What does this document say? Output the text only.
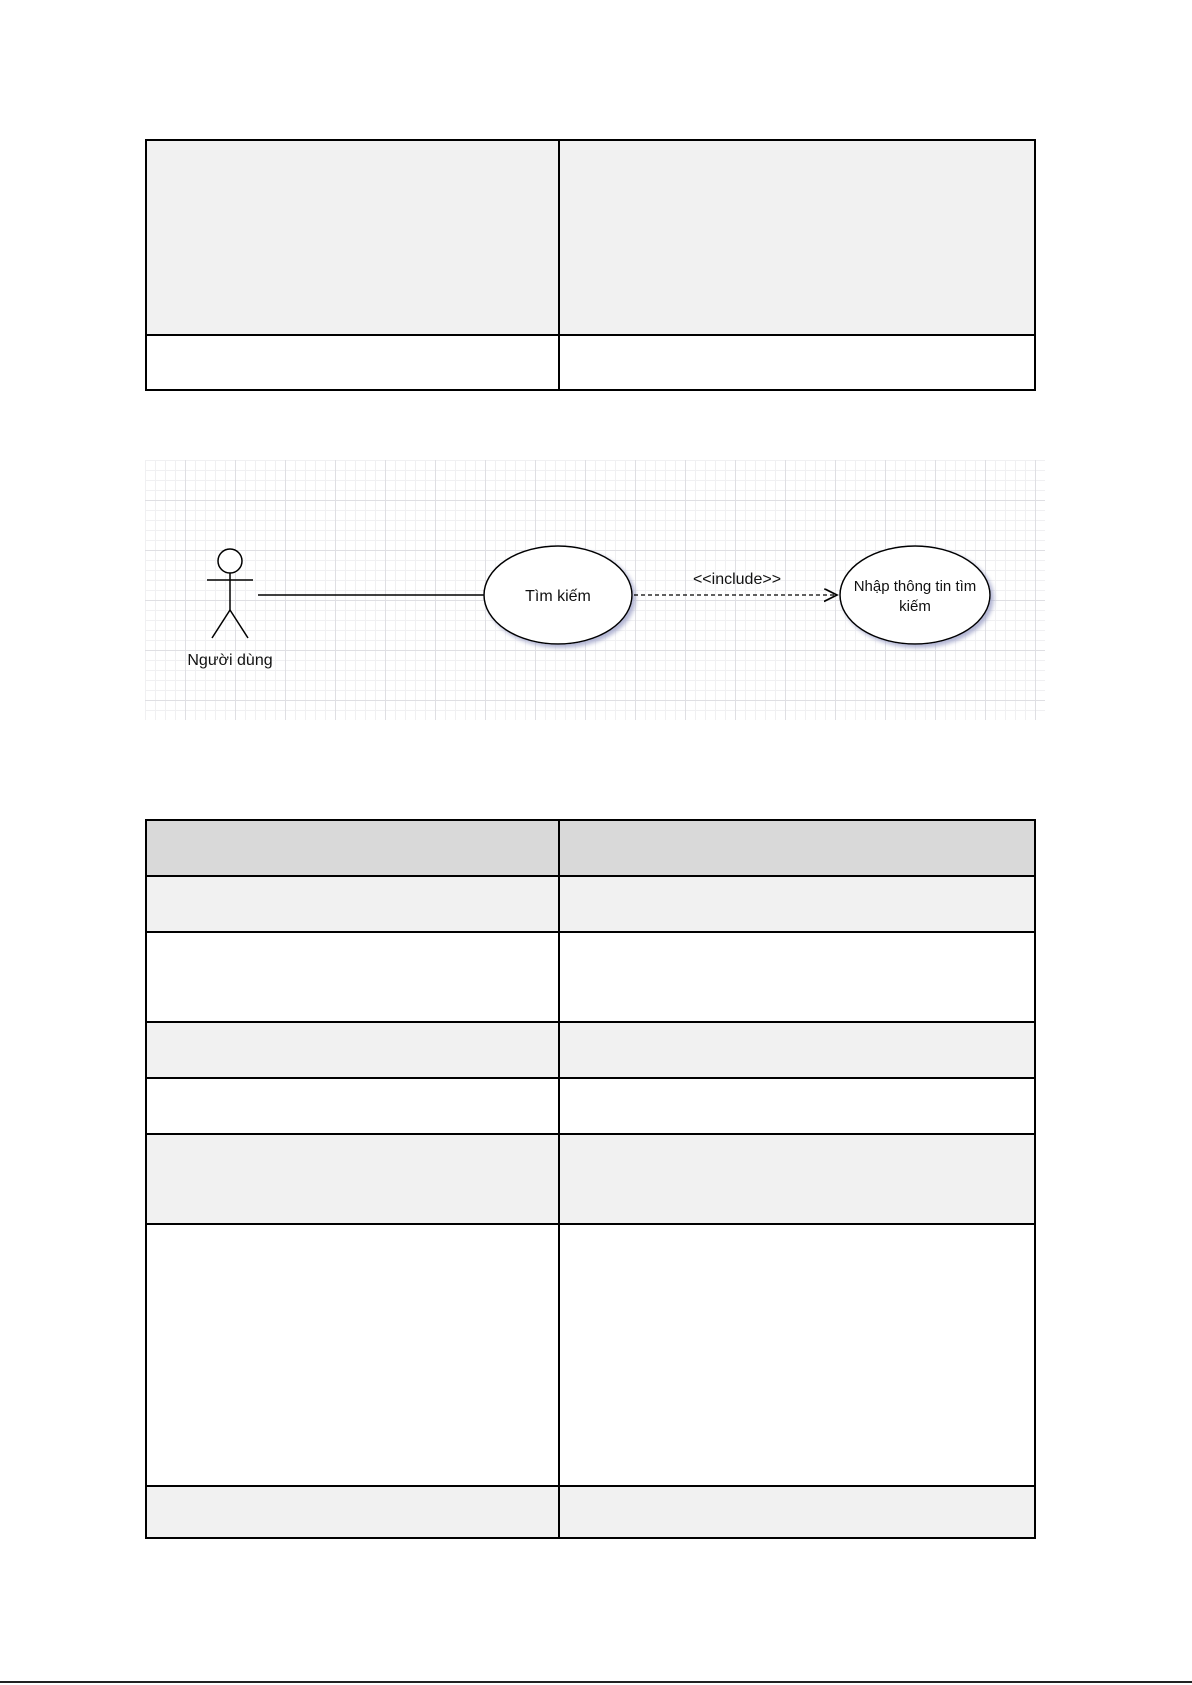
Người dùng
Tìm kiếm
<<include>>	Nhập thông tin tìm
kiếm
